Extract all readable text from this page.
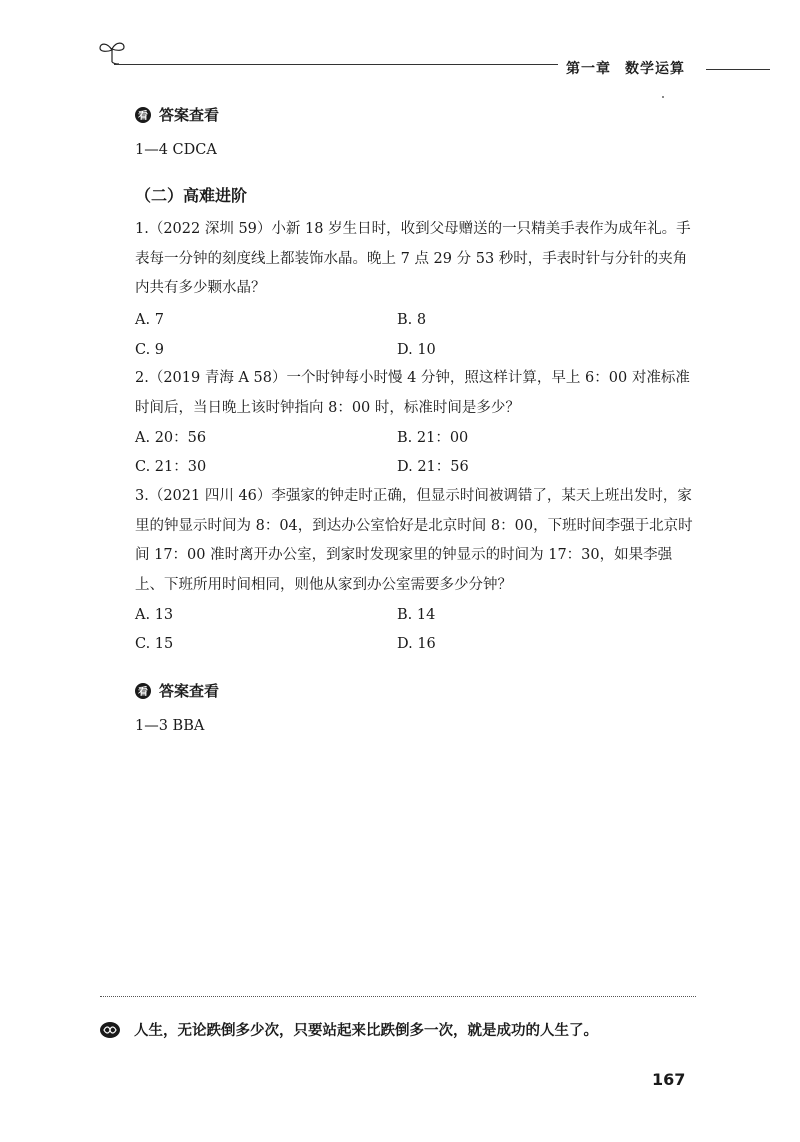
第一章 数学运算
看 答案查看
1—4 CDCA
（二）高难进阶
1.（2022 深圳 59）小新 18 岁生日时，收到父母赠送的一只精美手表作为成年礼。手表每一分钟的刻度线上都装饰水晶。晚上 7 点 29 分 53 秒时，手表时针与分针的夹角内共有多少颗水晶？
A. 7	B. 8
C. 9	D. 10
2.（2019 青海 A 58）一个时钟每小时慢 4 分钟，照这样计算，早上 6：00 对准标准时间后，当日晚上该时钟指向 8：00 时，标准时间是多少？
A. 20：56	B. 21：00
C. 21：30	D. 21：56
3.（2021 四川 46）李强家的钟走时正确，但显示时间被调错了，某天上班出发时，家里的钟显示时间为 8：04，到达办公室恰好是北京时间 8：00，下班时间李强于北京时间 17：00 准时离开办公室，到家时发现家里的钟显示的时间为 17：30，如果李强上、下班所用时间相同，则他从家到办公室需要多少分钟？
A. 13	B. 14
C. 15	D. 16
看 答案查看
1—3 BBA
人生，无论跌倒多少次，只要站起来比跌倒多一次，就是成功的人生了。
167
